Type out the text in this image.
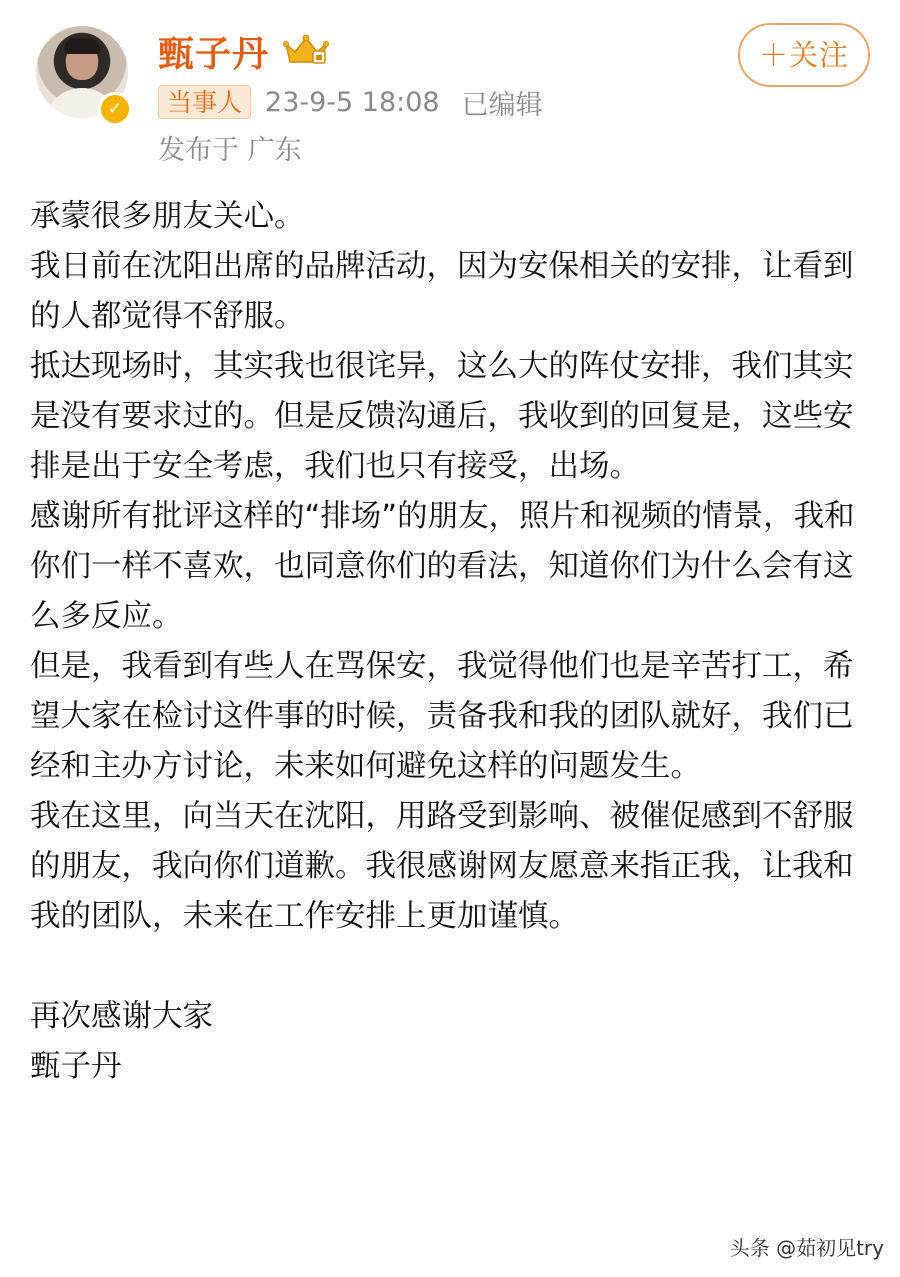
✓
甄子丹	＋关注
当事人 23-9-5 18:08 已编辑
发布于 广东

承蒙很多朋友关心。

我日前在沈阳出席的品牌活动，因为安保相关的安排，让看到的人都觉得不舒服。

抵达现场时，其实我也很诧异，这么大的阵仗安排，我们其实是没有要求过的。但是反馈沟通后，我收到的回复是，这些安排是出于安全考虑，我们也只有接受，出场。

感谢所有批评这样的“排场”的朋友，照片和视频的情景，我和你们一样不喜欢，也同意你们的看法，知道你们为什么会有这么多反应。

但是，我看到有些人在骂保安，我觉得他们也是辛苦打工，希望大家在检讨这件事的时候，责备我和我的团队就好，我们已经和主办方讨论，未来如何避免这样的问题发生。

我在这里，向当天在沈阳，用路受到影响、被催促感到不舒服的朋友，我向你们道歉。我很感谢网友愿意来指正我，让我和我的团队，未来在工作安排上更加谨慎。

再次感谢大家

甄子丹

头条 @茹初见try
